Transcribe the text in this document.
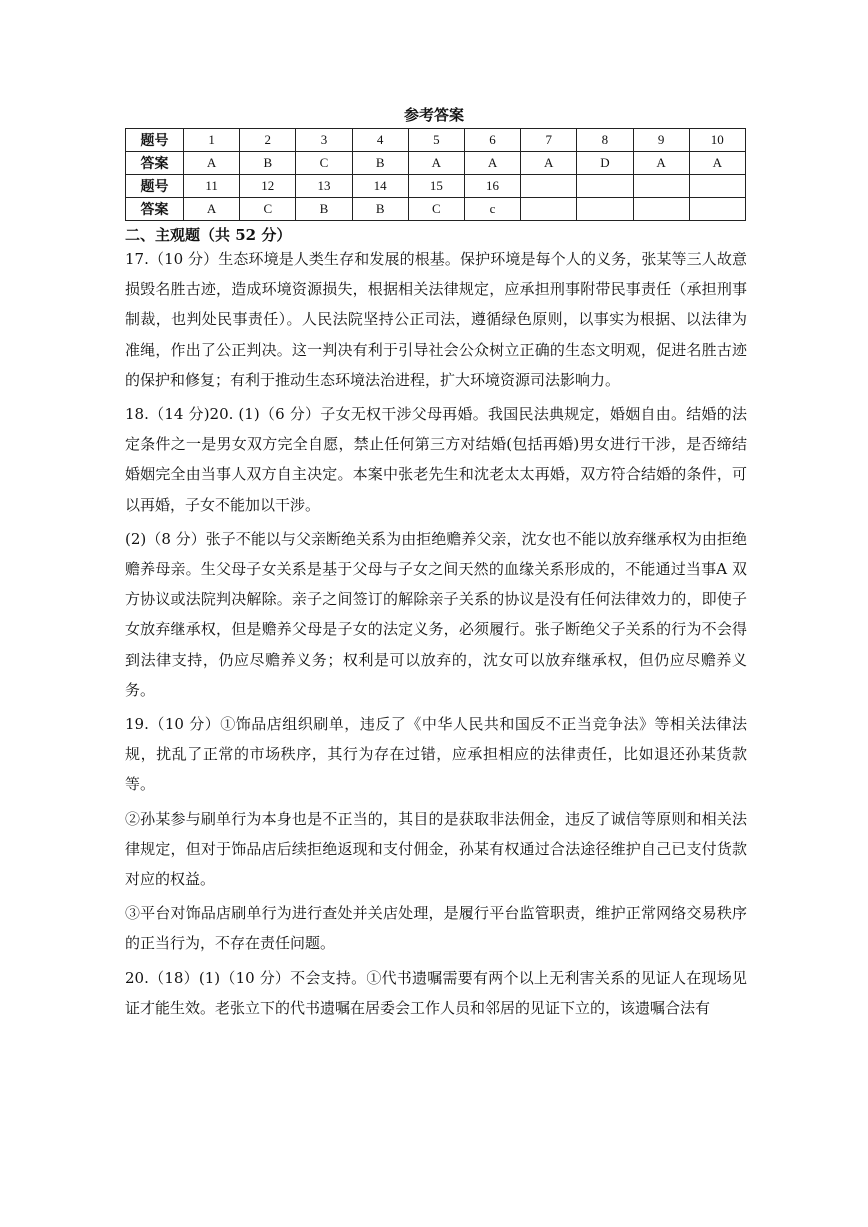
参考答案
题号	1	2	3	4	5	6	7	8	9	10
答案	A	B	C	B	A	A	A	D	A	A
题号	11	12	13	14	15	16				
答案	A	C	B	B	C	c				
二、主观题（共 52 分）

17.（10 分）生态环境是人类生存和发展的根基。保护环境是每个人的义务，张某等三人故意损毁名胜古迹，造成环境资源损失，根据相关法律规定，应承担刑事附带民事责任（承担刑事制裁，也判处民事责任）。人民法院坚持公正司法，遵循绿色原则，以事实为根据、以法律为准绳，作出了公正判决。这一判决有利于引导社会公众树立正确的生态文明观，促进名胜古迹的保护和修复；有利于推动生态环境法治进程，扩大环境资源司法影响力。

18.（14 分)20. (1)（6 分）子女无权干涉父母再婚。我国民法典规定，婚姻自由。结婚的法定条件之一是男女双方完全自愿，禁止任何第三方对结婚(包括再婚)男女进行干涉，是否缔结婚姻完全由当事人双方自主决定。本案中张老先生和沈老太太再婚，双方符合结婚的条件，可以再婚，子女不能加以干涉。

(2)（8 分）张子不能以与父亲断绝关系为由拒绝赡养父亲，沈女也不能以放弃继承权为由拒绝赡养母亲。生父母子女关系是基于父母与子女之间天然的血缘关系形成的，不能通过当事A 双方协议或法院判决解除。亲子之间签订的解除亲子关系的协议是没有任何法律效力的，即使子女放弃继承权，但是赡养父母是子女的法定义务，必须履行。张子断绝父子关系的行为不会得到法律支持，仍应尽赡养义务；权利是可以放弃的，沈女可以放弃继承权，但仍应尽赡养义务。

19.（10 分）①饰品店组织刷单，违反了《中华人民共和国反不正当竞争法》等相关法律法规，扰乱了正常的市场秩序，其行为存在过错，应承担相应的法律责任，比如退还孙某货款等。

②孙某参与刷单行为本身也是不正当的，其目的是获取非法佣金，违反了诚信等原则和相关法律规定，但对于饰品店后续拒绝返现和支付佣金，孙某有权通过合法途径维护自己已支付货款对应的权益。

③平台对饰品店刷单行为进行查处并关店处理，是履行平台监管职责，维护正常网络交易秩序的正当行为，不存在责任问题。

20.（18）(1)（10 分）不会支持。①代书遗嘱需要有两个以上无利害关系的见证人在现场见证才能生效。老张立下的代书遗嘱在居委会工作人员和邻居的见证下立的，该遗嘱合法有
